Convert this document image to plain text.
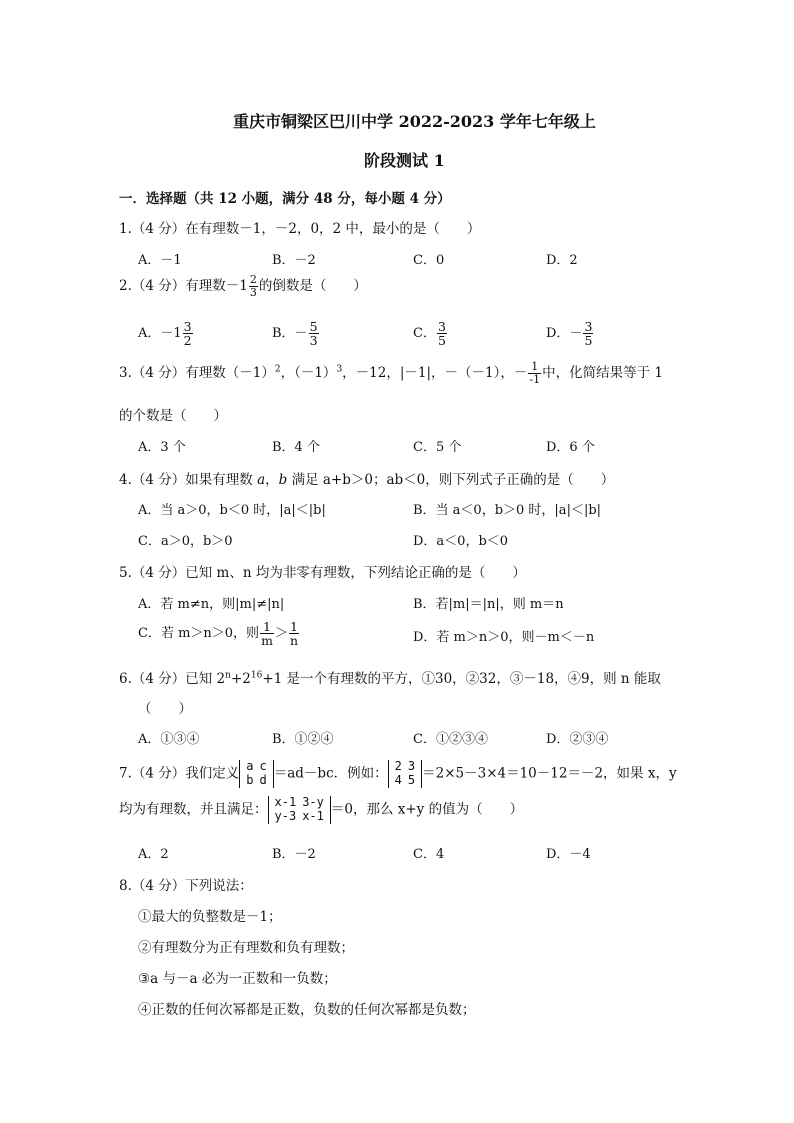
重庆市铜梁区巴川中学 2022-2023 学年七年级上
阶段测试 1
一．选择题（共 12 小题，满分 48 分，每小题 4 分）
1.（4 分）在有理数－1，－2，0，2 中，最小的是（　　）
A．－1	B．－2	C．0	D．2
2.（4 分）有理数$-1 \frac{2}{3}$ 的倒数是（　　）
A．$-1 \frac{3}{2}$	B．－ $\frac{5}{3}$	C． $\frac{3}{5}$	D．－ $\frac{3}{5}$
3.（4 分）有理数$(-1)^2$，$(-1)^3$，－12，|－1|，－（－1），－ $\frac{1}{-1}$ 中，化简结果等于 1
的个数是（　　）
A．3 个	B．4 个	C．5 个	D．6 个
4.（4 分）如果有理数 a，b 满足 a+b＞0；ab＜0，则下列式子正确的是（　　）
A．当 a＞0，b＜0 时，|a|＜|b|	B．当 a＜0，b＞0 时，|a|＜|b|
C．a＞0，b＞0	D．a＜0，b＜0
5.（4 分）已知 m、n 均为非零有理数，下列结论正确的是（　　）
A．若 m≠n，则|m|≠|n|	B．若|m|＝|n|，则 m＝n
C．若 m＞n＞0，则 $\frac{1}{m} > \frac{1}{n}$	D．若 m＞n＞0，则－m＜－n
6.（4 分）已知 $2^n+2^{16}+1$ 是一个有理数的平方，①30，②32，③－18，④9，则 n 能取
（　　）
A．①③④	B．①②④	C．①②③④	D．②③④
7.（4 分）我们定义 a	c
b	d ＝ad－bc．例如： 2	3
4	5 ＝2×5－3×4＝10－12＝－2，如果 x，y
均为有理数，并且满足： x-1	3-y
y-3	x-1 ＝0，那么 x+y 的值为（　　）
A．2	B．－2	C．4	D．－4
8.（4 分）下列说法：
①最大的负整数是－1；
②有理数分为正有理数和负有理数；
③a 与－a 必为一正数和一负数；
④正数的任何次幂都是正数，负数的任何次幂都是负数；
